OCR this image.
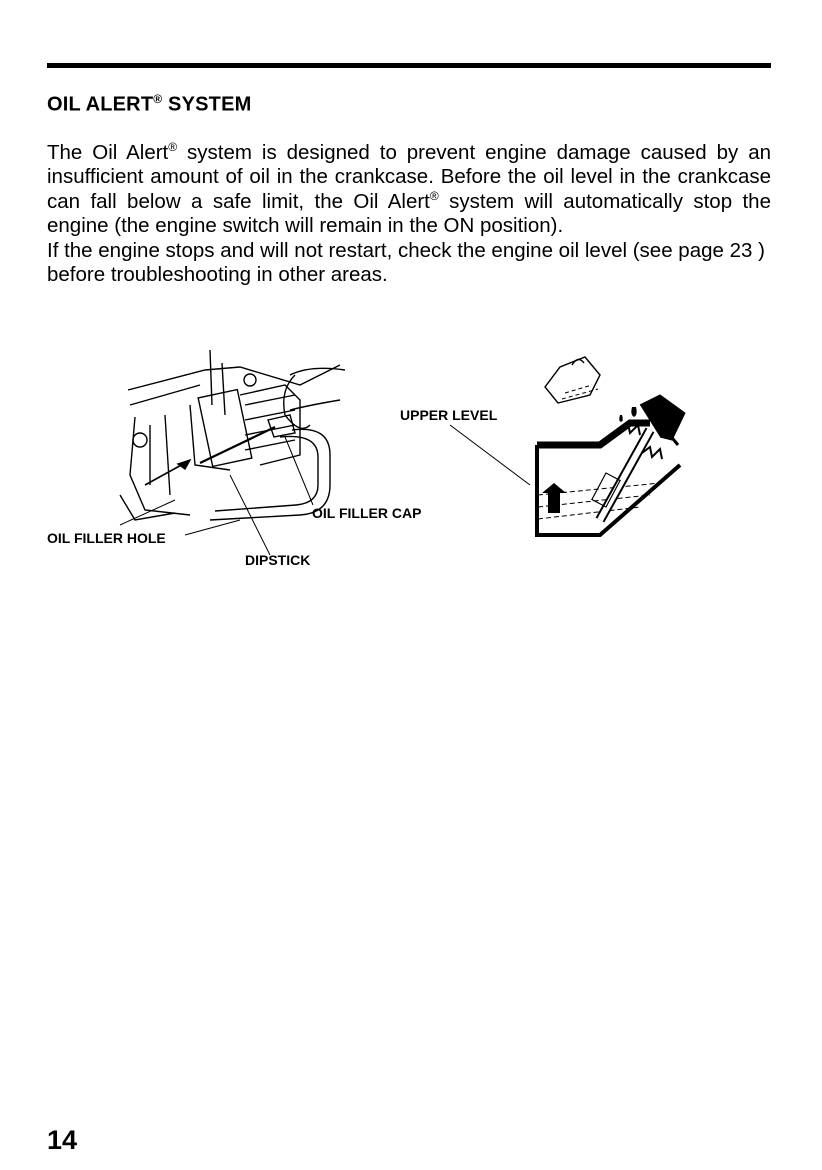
OIL ALERT® SYSTEM

The Oil Alert® system is designed to prevent engine damage caused by an insufficient amount of oil in the crankcase. Before the oil level in the crankcase can fall below a safe limit, the Oil Alert® system will automatically stop the engine (the engine switch will remain in the ON position).

If the engine stops and will not restart, check the engine oil level (see page 23 ) before troubleshooting in other areas.

UPPER LEVEL
OIL FILLER CAP
OIL FILLER HOLE
DIPSTICK
14
